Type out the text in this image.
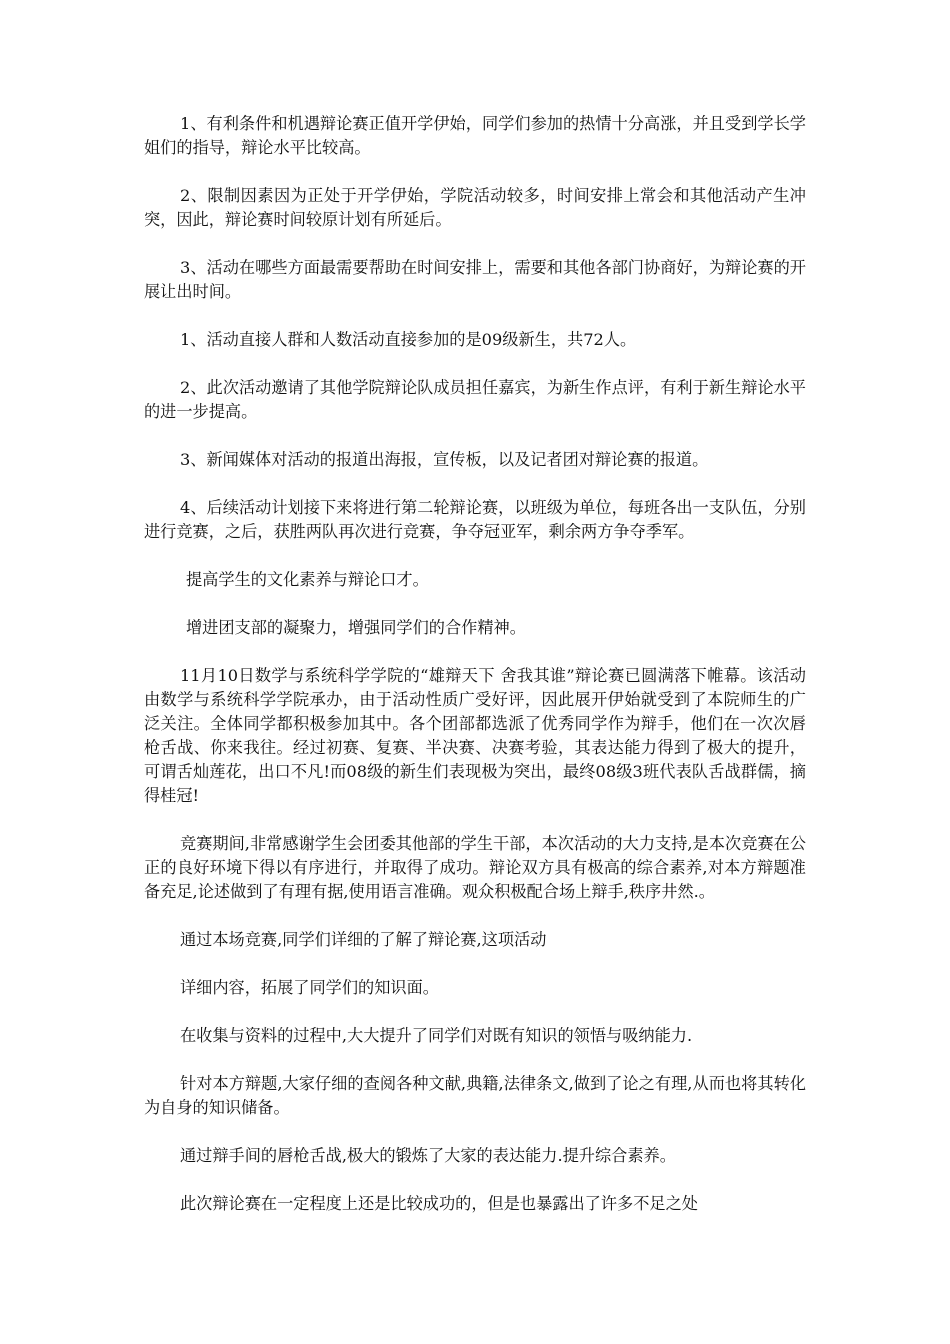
1、有利条件和机遇辩论赛正值开学伊始，同学们参加的热情十分高涨，并且受到学长学姐们的指导，辩论水平比较高。

2、限制因素因为正处于开学伊始，学院活动较多，时间安排上常会和其他活动产生冲突，因此，辩论赛时间较原计划有所延后。

3、活动在哪些方面最需要帮助在时间安排上，需要和其他各部门协商好，为辩论赛的开展让出时间。

1、活动直接人群和人数活动直接参加的是09级新生，共72人。

2、此次活动邀请了其他学院辩论队成员担任嘉宾，为新生作点评，有利于新生辩论水平的进一步提高。

3、新闻媒体对活动的报道出海报，宣传板，以及记者团对辩论赛的报道。

4、后续活动计划接下来将进行第二轮辩论赛，以班级为单位，每班各出一支队伍，分别进行竞赛，之后，获胜两队再次进行竞赛，争夺冠亚军，剩余两方争夺季军。

提高学生的文化素养与辩论口才。

增进团支部的凝聚力，增强同学们的合作精神。

11月10日数学与系统科学学院的“雄辩天下 舍我其谁”辩论赛已圆满落下帷幕。该活动由数学与系统科学学院承办，由于活动性质广受好评，因此展开伊始就受到了本院师生的广泛关注。全体同学都积极参加其中。各个团部都选派了优秀同学作为辩手，他们在一次次唇枪舌战、你来我往。经过初赛、复赛、半决赛、决赛考验，其表达能力得到了极大的提升，可谓舌灿莲花，出口不凡!而08级的新生们表现极为突出，最终08级3班代表队舌战群儒，摘得桂冠!

竞赛期间,非常感谢学生会团委其他部的学生干部，本次活动的大力支持,是本次竞赛在公正的良好环境下得以有序进行，并取得了成功。辩论双方具有极高的综合素养,对本方辩题准备充足,论述做到了有理有据,使用语言准确。观众积极配合场上辩手,秩序井然.。

通过本场竞赛,同学们详细的了解了辩论赛,这项活动

详细内容，拓展了同学们的知识面。

在收集与资料的过程中,大大提升了同学们对既有知识的领悟与吸纳能力.

针对本方辩题,大家仔细的查阅各种文献,典籍,法律条文,做到了论之有理,从而也将其转化为自身的知识储备。

通过辩手间的唇枪舌战,极大的锻炼了大家的表达能力.提升综合素养。

此次辩论赛在一定程度上还是比较成功的，但是也暴露出了许多不足之处
